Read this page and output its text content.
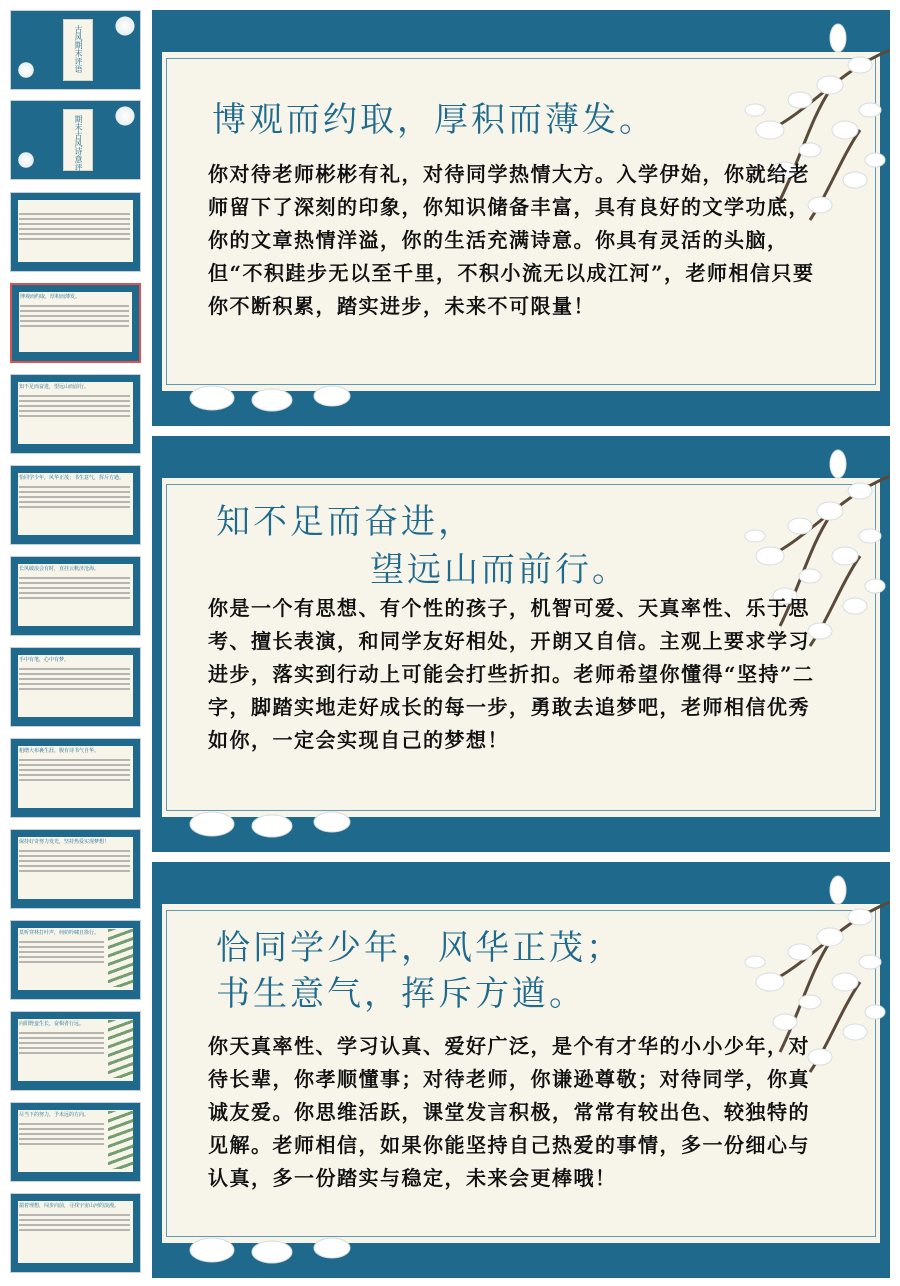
古风期末评语
期末古风诗意评语
博观而约取，厚积而薄发。
知不足而奋进，望远山而前行。
恰同学少年，风华正茂；书生意气，挥斥方遒。
长风破浪会有时，直挂云帆济沧海。
手中有笔，心中有梦。
粗缯大布裹生涯，腹有诗书气自华。
保持好奇努力发光，坚持热爱实现梦想！
莫听穿林打叶声，何妨吟啸且徐行。
向阳野蛮生长，奋楫者行远。
尽当下的努力，予未远的方向。
揣着理想，闯步向前，寻找宇宙山河的浪漫。
博观而约取，厚积而薄发。
你对待老师彬彬有礼，对待同学热情大方。入学伊始，你就给老师留下了深刻的印象，你知识储备丰富，具有良好的文学功底，你的文章热情洋溢，你的生活充满诗意。你具有灵活的头脑，但“不积跬步无以至千里，不积小流无以成江河”，老师相信只要你不断积累，踏实进步，未来不可限量！
知不足而奋进，
望远山而前行。
你是一个有思想、有个性的孩子，机智可爱、天真率性、乐于思考、擅长表演，和同学友好相处，开朗又自信。主观上要求学习进步，落实到行动上可能会打些折扣。老师希望你懂得“坚持”二字，脚踏实地走好成长的每一步，勇敢去追梦吧，老师相信优秀如你，一定会实现自己的梦想！
恰同学少年，风华正茂；
书生意气，挥斥方遒。
你天真率性、学习认真、爱好广泛，是个有才华的小小少年，对待长辈，你孝顺懂事；对待老师，你谦逊尊敬；对待同学，你真诚友爱。你思维活跃，课堂发言积极，常常有较出色、较独特的见解。老师相信，如果你能坚持自己热爱的事情，多一份细心与认真，多一份踏实与稳定，未来会更棒哦！
